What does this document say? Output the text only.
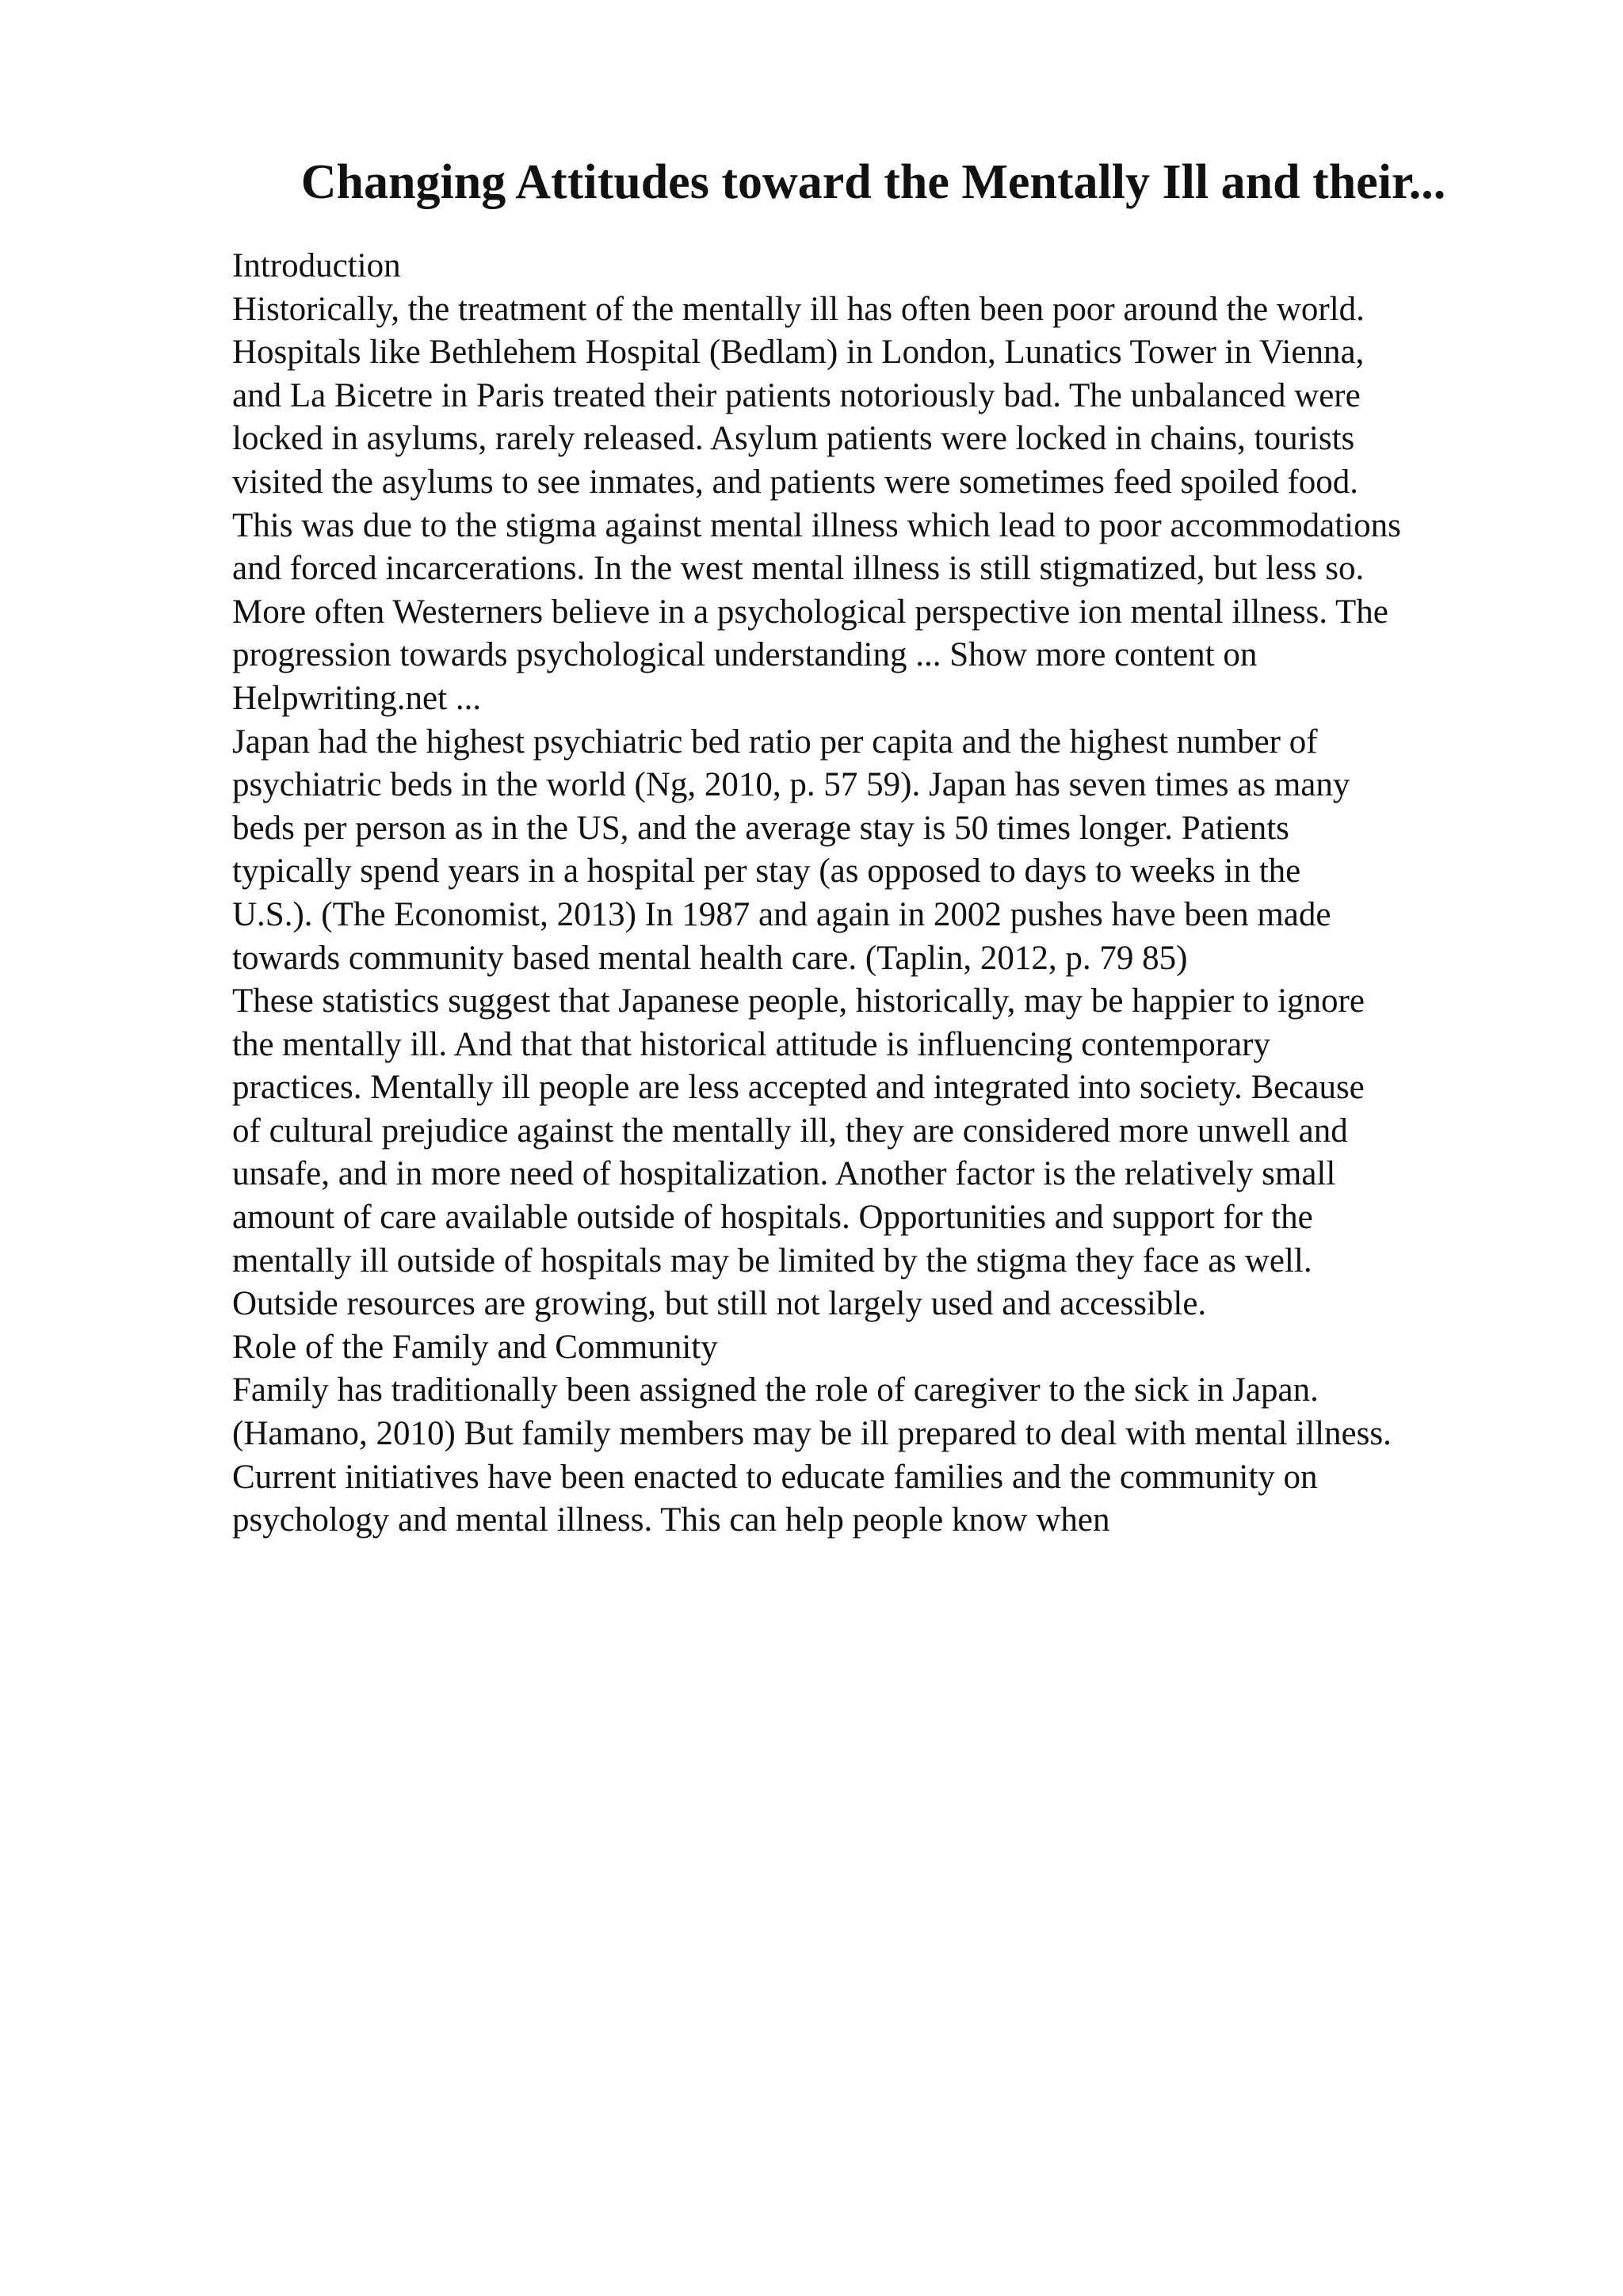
Changing Attitudes toward the Mentally Ill and their...
Introduction
Historically, the treatment of the mentally ill has often been poor around the world.
Hospitals like Bethlehem Hospital (Bedlam) in London, Lunatics Tower in Vienna,
and La Bicetre in Paris treated their patients notoriously bad. The unbalanced were
locked in asylums, rarely released. Asylum patients were locked in chains, tourists
visited the asylums to see inmates, and patients were sometimes feed spoiled food.
This was due to the stigma against mental illness which lead to poor accommodations
and forced incarcerations. In the west mental illness is still stigmatized, but less so.
More often Westerners believe in a psychological perspective ion mental illness. The
progression towards psychological understanding ... Show more content on
Helpwriting.net ...
Japan had the highest psychiatric bed ratio per capita and the highest number of
psychiatric beds in the world (Ng, 2010, p. 57 59). Japan has seven times as many
beds per person as in the US, and the average stay is 50 times longer. Patients
typically spend years in a hospital per stay (as opposed to days to weeks in the
U.S.). (The Economist, 2013) In 1987 and again in 2002 pushes have been made
towards community based mental health care. (Taplin, 2012, p. 79 85)
These statistics suggest that Japanese people, historically, may be happier to ignore
the mentally ill. And that that historical attitude is influencing contemporary
practices. Mentally ill people are less accepted and integrated into society. Because
of cultural prejudice against the mentally ill, they are considered more unwell and
unsafe, and in more need of hospitalization. Another factor is the relatively small
amount of care available outside of hospitals. Opportunities and support for the
mentally ill outside of hospitals may be limited by the stigma they face as well.
Outside resources are growing, but still not largely used and accessible.
Role of the Family and Community
Family has traditionally been assigned the role of caregiver to the sick in Japan.
(Hamano, 2010) But family members may be ill prepared to deal with mental illness.
Current initiatives have been enacted to educate families and the community on
psychology and mental illness. This can help people know when
